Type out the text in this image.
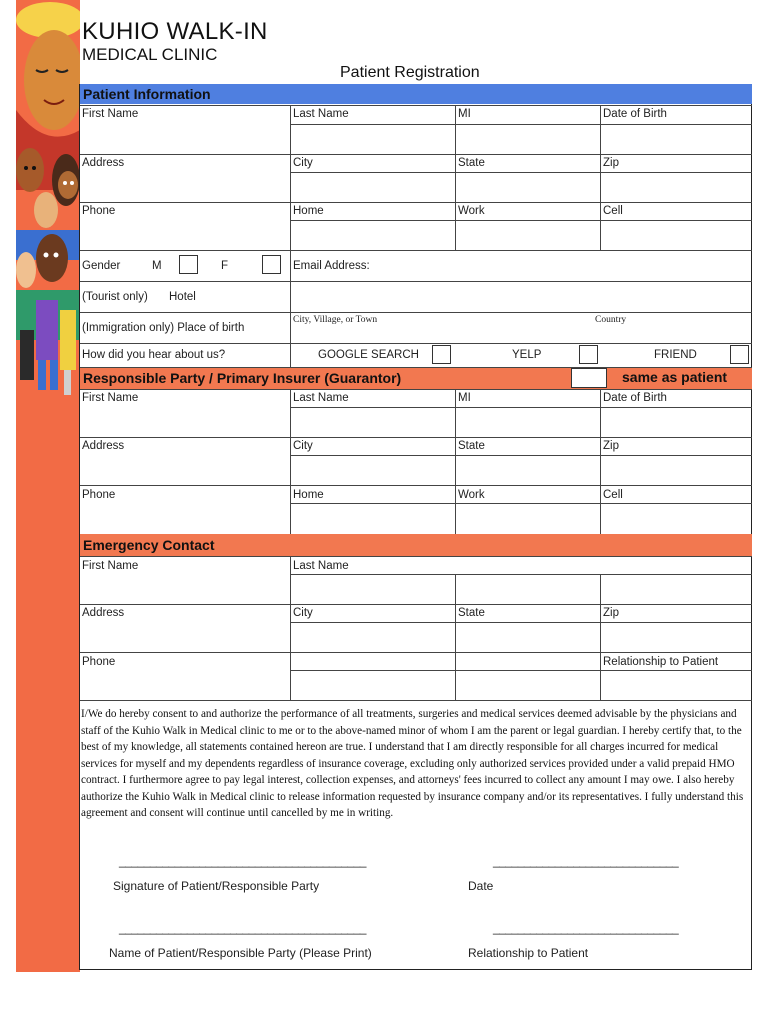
KUHIO WALK-IN
MEDICAL CLINIC
Patient Registration
Patient Information
First Name	Last Name	MI	Date of Birth
Address	City	State	Zip
Phone	Home	Work	Cell
Gender	M	F	Email Address:
(Tourist only) Hotel
(Immigration only) Place of birth
City, Village, or Town	Country
How did you hear about us?	GOOGLE SEARCH	YELP	FRIEND
Responsible Party / Primary Insurer (Guarantor)	same as patient
First Name	Last Name	MI	Date of Birth
Address	City	State	Zip
Phone	Home	Work	Cell
Emergency Contact
First Name	Last Name
Address	City	State	Zip
Phone	Relationship to Patient
I/We do hereby consent to and authorize the performance of all treatments, surgeries and medical services deemed advisable by the physicians and staff of the Kuhio Walk in Medical clinic to me or to the above-named minor of whom I am the parent or legal guardian. I hereby certify that, to the best of my knowledge, all statements contained hereon are true. I understand that I am directly responsible for all charges incurred for medical services for myself and my dependents regardless of insurance coverage, excluding only authorized services provided under a valid prepaid HMO contract. I furthermore agree to pay legal interest, collection expenses, and attorneys' fees incurred to collect any amount I may owe. I also hereby authorize the Kuhio Walk in Medical clinic to release information requested by insurance company and/or its representatives. I fully understand this agreement and consent will continue until cancelled by me in writing.
________________________________________	______________________________
Signature of Patient/Responsible Party	Date
________________________________________	______________________________
Name of Patient/Responsible Party (Please Print)	Relationship to Patient
